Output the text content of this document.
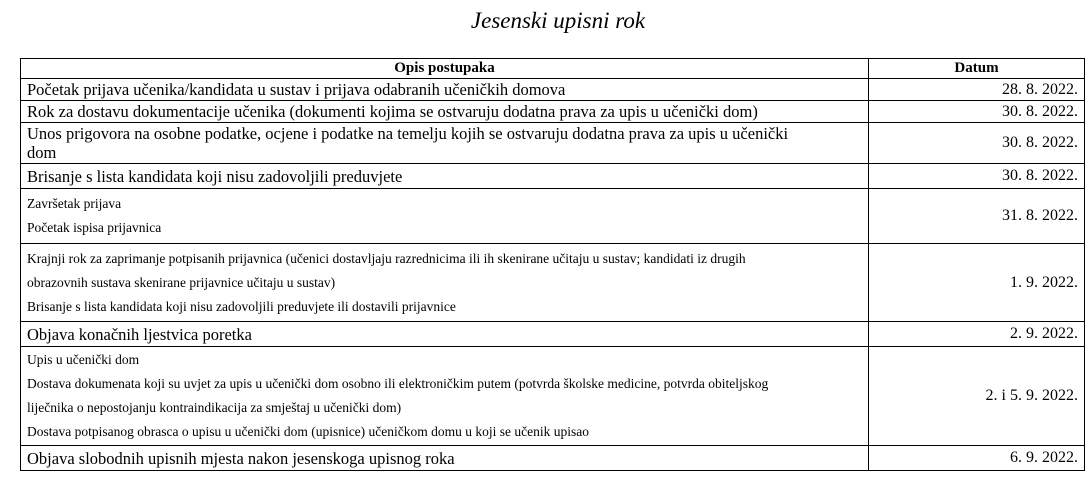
Jesenski upisni rok
Opis postupaka	Datum

Početak prijava učenika/kandidata u sustav i prijava odabranih učeničkih domova	28. 8. 2022.

Rok za dostavu dokumentacije učenika (dokumenti kojima se ostvaruju dodatna prava za upis u učenički dom)	30. 8. 2022.

Unos prigovora na osobne podatke, ocjene i podatke na temelju kojih se ostvaruju dodatna prava za upis u učenički
dom	30. 8. 2022.

Brisanje s lista kandidata koji nisu zadovoljili preduvjete	30. 8. 2022.

Završetak prijava
Početak ispisa prijavnica	31. 8. 2022.

Krajnji rok za zaprimanje potpisanih prijavnica (učenici dostavljaju razrednicima ili ih skenirane učitaju u sustav; kandidati iz drugih
obrazovnih sustava skenirane prijavnice učitaju u sustav)
Brisanje s lista kandidata koji nisu zadovoljili preduvjete ili dostavili prijavnice	1. 9. 2022.

Objava konačnih ljestvica poretka	2. 9. 2022.

Upis u učenički dom
Dostava dokumenata koji su uvjet za upis u učenički dom osobno ili elektroničkim putem (potvrda školske medicine, potvrda obiteljskog
liječnika o nepostojanju kontraindikacija za smještaj u učenički dom)
Dostava potpisanog obrasca o upisu u učenički dom (upisnice) učeničkom domu u koji se učenik upisao	2. i 5. 9. 2022.

Objava slobodnih upisnih mjesta nakon jesenskoga upisnog roka	6. 9. 2022.
